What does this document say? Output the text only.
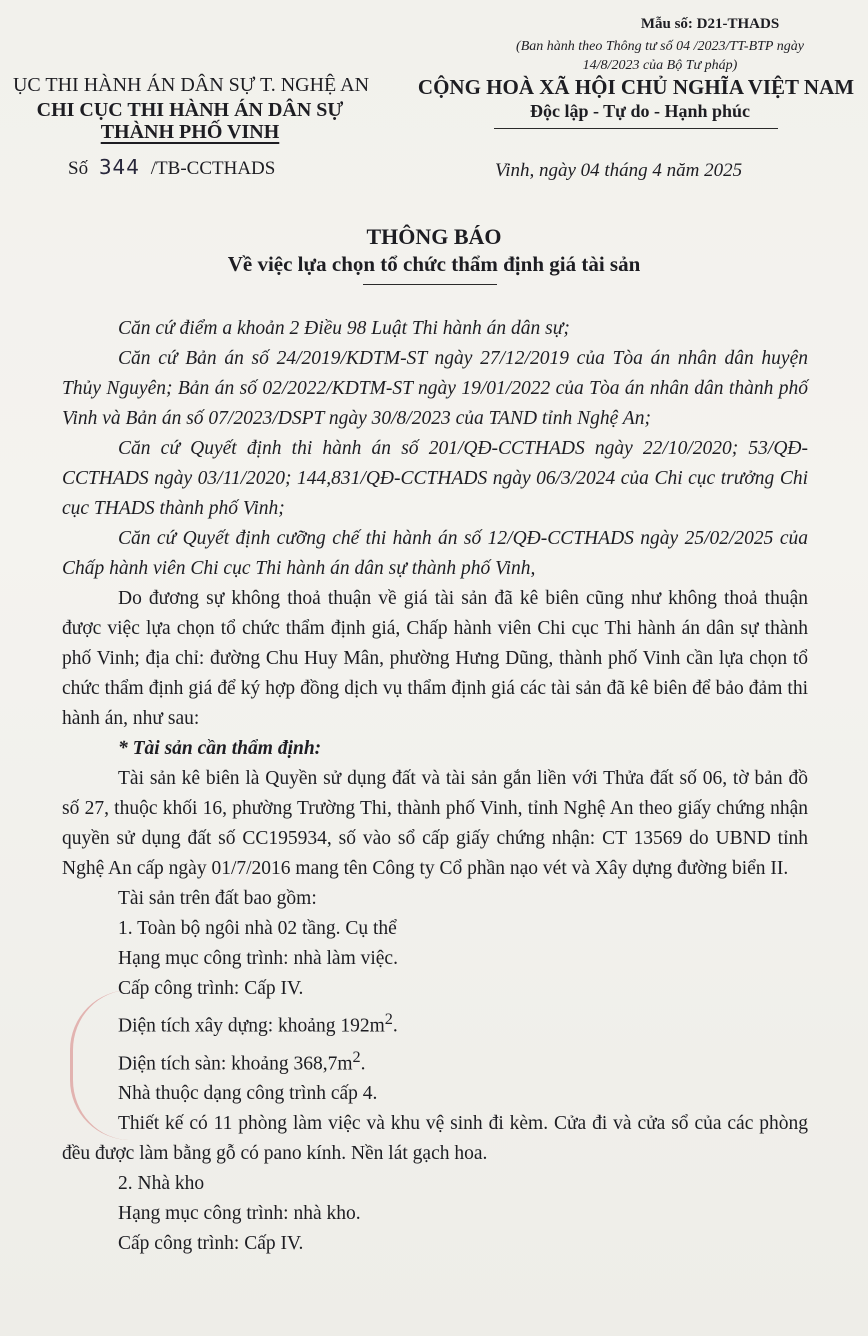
Mẫu số: D21-THADS
(Ban hành theo Thông tư số 04 /2023/TT-BTP ngày 14/8/2023 của Bộ Tư pháp)
ỤC THI HÀNH ÁN DÂN SỰ T. NGHỆ AN
CHI CỤC THI HÀNH ÁN DÂN SỰ
THÀNH PHỐ VINH
CỘNG HOÀ XÃ HỘI CHỦ NGHĨA VIỆT NAM
Độc lập - Tự do - Hạnh phúc
Số 344 /TB-CCTHADS	Vinh, ngày 04 tháng 4 năm 2025
THÔNG BÁO
Về việc lựa chọn tổ chức thẩm định giá tài sản

Căn cứ điểm a khoản 2 Điều 98 Luật Thi hành án dân sự;

Căn cứ Bản án số 24/2019/KDTM-ST ngày 27/12/2019 của Tòa án nhân dân huyện Thủy Nguyên; Bản án số 02/2022/KDTM-ST ngày 19/01/2022 của Tòa án nhân dân thành phố Vinh và Bản án số 07/2023/DSPT ngày 30/8/2023 của TAND tỉnh Nghệ An;

Căn cứ Quyết định thi hành án số 201/QĐ-CCTHADS ngày 22/10/2020; 53/QĐ-CCTHADS ngày 03/11/2020; 144,831/QĐ-CCTHADS ngày 06/3/2024 của Chi cục trưởng Chi cục THADS thành phố Vinh;

Căn cứ Quyết định cưỡng chế thi hành án số 12/QĐ-CCTHADS ngày 25/02/2025 của Chấp hành viên Chi cục Thi hành án dân sự thành phố Vinh,

Do đương sự không thoả thuận về giá tài sản đã kê biên cũng như không thoả thuận được việc lựa chọn tổ chức thẩm định giá, Chấp hành viên Chi cục Thi hành án dân sự thành phố Vinh; địa chỉ: đường Chu Huy Mân, phường Hưng Dũng, thành phố Vinh cần lựa chọn tổ chức thẩm định giá để ký hợp đồng dịch vụ thẩm định giá các tài sản đã kê biên để bảo đảm thi hành án, như sau:

* Tài sản cần thẩm định:

Tài sản kê biên là Quyền sử dụng đất và tài sản gắn liền với Thửa đất số 06, tờ bản đồ số 27, thuộc khối 16, phường Trường Thi, thành phố Vinh, tỉnh Nghệ An theo giấy chứng nhận quyền sử dụng đất số CC195934, số vào sổ cấp giấy chứng nhận: CT 13569 do UBND tỉnh Nghệ An cấp ngày 01/7/2016 mang tên Công ty Cổ phần nạo vét và Xây dựng đường biển II.

Tài sản trên đất bao gồm:

1. Toàn bộ ngôi nhà 02 tầng. Cụ thể

Hạng mục công trình: nhà làm việc.

Cấp công trình: Cấp IV.

Diện tích xây dựng: khoảng $192m^2$.

Diện tích sàn: khoảng $368,7m^2$.

Nhà thuộc dạng công trình cấp 4.

Thiết kế có 11 phòng làm việc và khu vệ sinh đi kèm. Cửa đi và cửa sổ của các phòng đều được làm bằng gỗ có pano kính. Nền lát gạch hoa.

2. Nhà kho

Hạng mục công trình: nhà kho.

Cấp công trình: Cấp IV.
